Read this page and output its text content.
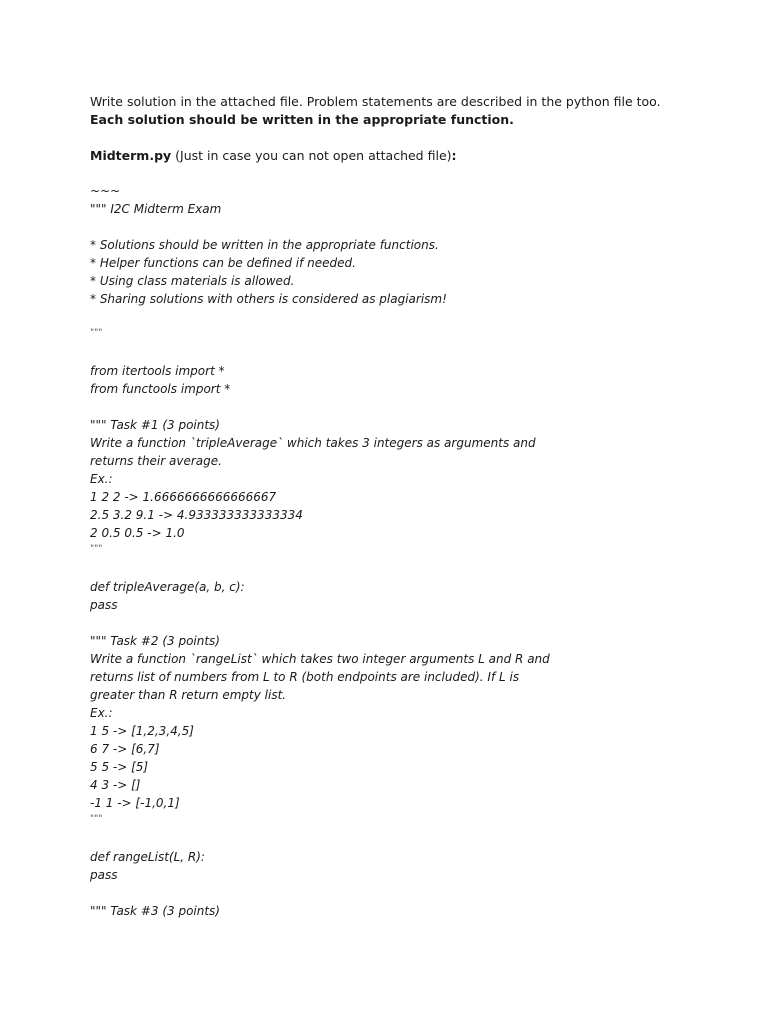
Write solution in the attached file. Problem statements are described in the python file too. Each solution should be written in the appropriate function.

Midterm.py (Just in case you can not open attached file):

~~~
""" I2C Midterm Exam
* Solutions should be written in the appropriate functions.
* Helper functions can be defined if needed.
* Using class materials is allowed.
* Sharing solutions with others is considered as plagiarism!
"""
from itertools import *
from functools import *
""" Task #1 (3 points)
Write a function `tripleAverage` which takes 3 integers as arguments and
returns their average.
Ex.:
1 2 2 -> 1.6666666666666667
2.5 3.2 9.1 -> 4.933333333333334
2 0.5 0.5 -> 1.0
"""
def tripleAverage(a, b, c):
pass
""" Task #2 (3 points)
Write a function `rangeList` which takes two integer arguments L and R and
returns list of numbers from L to R (both endpoints are included). If L is
greater than R return empty list.
Ex.:
1 5 -> [1,2,3,4,5]
6 7 -> [6,7]
5 5 -> [5]
4 3 -> []
-1 1 -> [-1,0,1]
"""
def rangeList(L, R):
pass
""" Task #3 (3 points)
